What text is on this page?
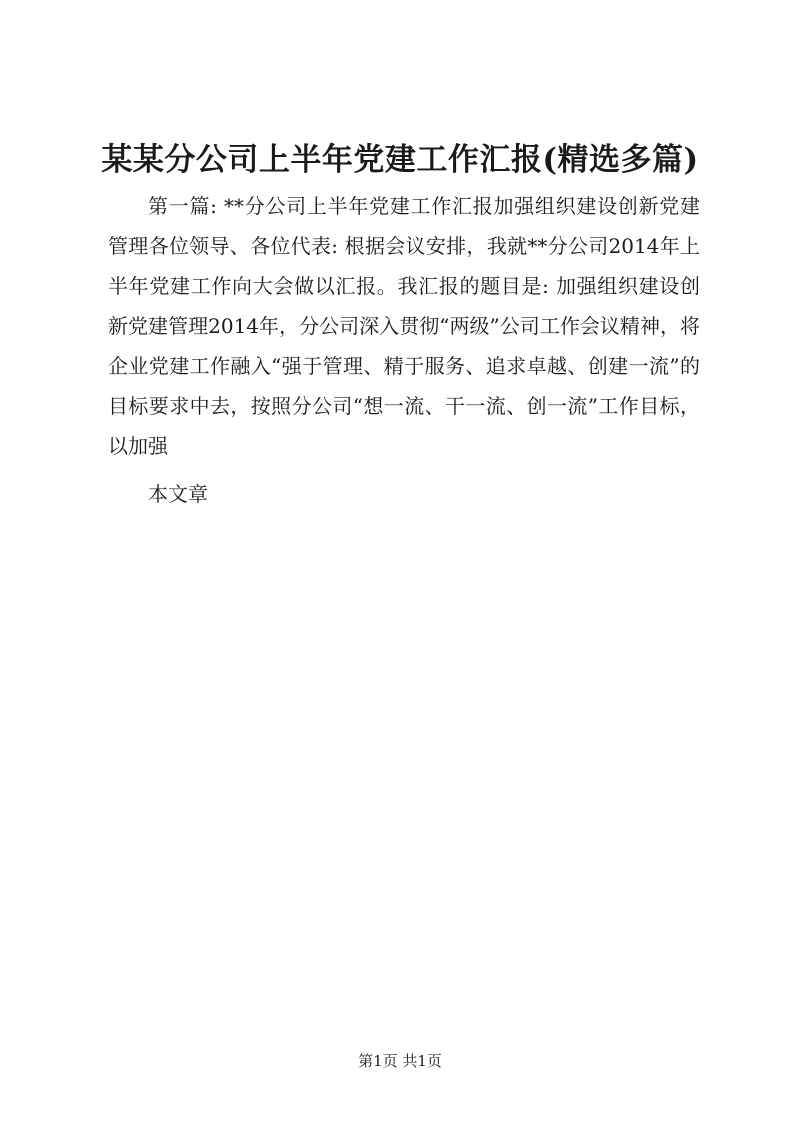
某某分公司上半年党建工作汇报(精选多篇)

第一篇: **分公司上半年党建工作汇报加强组织建设创新党建管理各位领导、各位代表: 根据会议安排，我就**分公司2014年上半年党建工作向大会做以汇报。我汇报的题目是: 加强组织建设创新党建管理2014年，分公司深入贯彻“两级”公司工作会议精神，将企业党建工作融入“强于管理、精于服务、追求卓越、创建一流”的目标要求中去，按照分公司“想一流、干一流、创一流”工作目标，以加强

本文章

第1页 共1页
